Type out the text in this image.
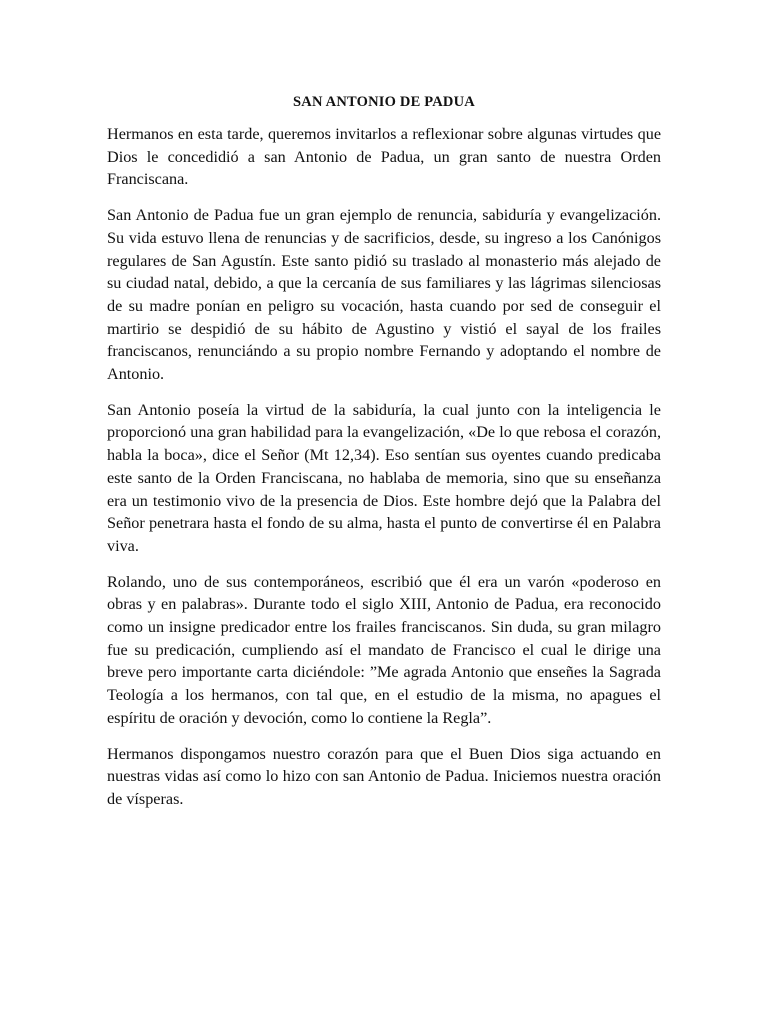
SAN ANTONIO DE PADUA

Hermanos en esta tarde, queremos invitarlos a reflexionar sobre algunas virtudes que Dios le concedidió a san Antonio de Padua, un gran santo de nuestra Orden Franciscana.

San Antonio de Padua fue un gran ejemplo de renuncia, sabiduría y evangelización. Su vida estuvo llena de renuncias y de sacrificios, desde, su ingreso a los Canónigos regulares de San Agustín. Este santo pidió su traslado al monasterio más alejado de su ciudad natal, debido, a que la cercanía de sus familiares y las lágrimas silenciosas de su madre ponían en peligro su vocación, hasta cuando por sed de conseguir el martirio se despidió de su hábito de Agustino y vistió el sayal de los frailes franciscanos, renunciándo a su propio nombre Fernando y adoptando el nombre de Antonio.

San Antonio poseía la virtud de la sabiduría, la cual junto con la inteligencia le proporcionó una gran habilidad para la evangelización, «De lo que rebosa el corazón, habla la boca», dice el Señor (Mt 12,34). Eso sentían sus oyentes cuando predicaba este santo de la Orden Franciscana, no hablaba de memoria, sino que su enseñanza era un testimonio vivo de la presencia de Dios. Este hombre dejó que la Palabra del Señor penetrara hasta el fondo de su alma, hasta el punto de convertirse él en Palabra viva.

Rolando, uno de sus contemporáneos, escribió que él era un varón «poderoso en obras y en palabras». Durante todo el siglo XIII, Antonio de Padua, era reconocido como un insigne predicador entre los frailes franciscanos. Sin duda, su gran milagro fue su predicación, cumpliendo así el mandato de Francisco el cual le dirige una breve pero importante carta diciéndole: ”Me agrada Antonio que enseñes la Sagrada Teología a los hermanos, con tal que, en el estudio de la misma, no apagues el espíritu de oración y devoción, como lo contiene la Regla”.

Hermanos dispongamos nuestro corazón para que el Buen Dios siga actuando en nuestras vidas así como lo hizo con san Antonio de Padua. Iniciemos nuestra oración de vísperas.
